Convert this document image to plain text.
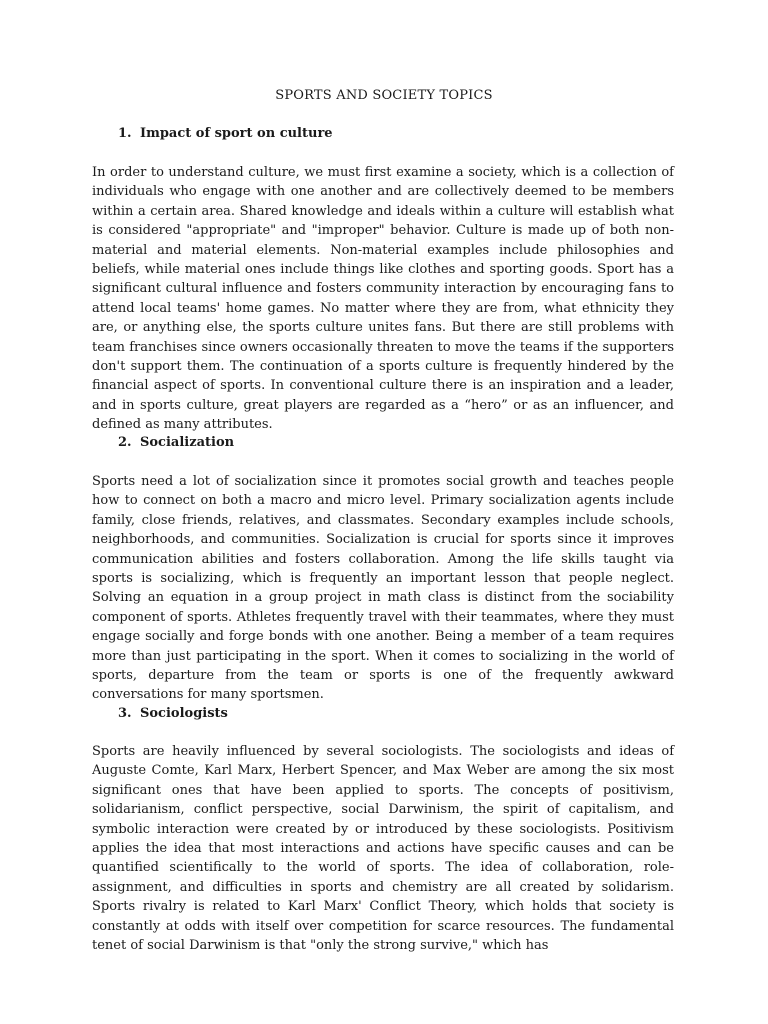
SPORTS AND SOCIETY TOPICS
1. Impact of sport on culture

In order to understand culture, we must first examine a society, which is a collection of individuals who engage with one another and are collectively deemed to be members within a certain area. Shared knowledge and ideals within a culture will establish what is considered "appropriate" and "improper" behavior. Culture is made up of both non-material and material elements. Non-material examples include philosophies and beliefs, while material ones include things like clothes and sporting goods. Sport has a significant cultural influence and fosters community interaction by encouraging fans to attend local teams' home games. No matter where they are from, what ethnicity they are, or anything else, the sports culture unites fans. But there are still problems with team franchises since owners occasionally threaten to move the teams if the supporters don't support them. The continuation of a sports culture is frequently hindered by the financial aspect of sports. In conventional culture there is an inspiration and a leader, and in sports culture, great players are regarded as a “hero” or as an influencer, and defined as many attributes.

2. Socialization

Sports need a lot of socialization since it promotes social growth and teaches people how to connect on both a macro and micro level. Primary socialization agents include family, close friends, relatives, and classmates. Secondary examples include schools, neighborhoods, and communities. Socialization is crucial for sports since it improves communication abilities and fosters collaboration. Among the life skills taught via sports is socializing, which is frequently an important lesson that people neglect. Solving an equation in a group project in math class is distinct from the sociability component of sports. Athletes frequently travel with their teammates, where they must engage socially and forge bonds with one another. Being a member of a team requires more than just participating in the sport. When it comes to socializing in the world of sports, departure from the team or sports is one of the frequently awkward conversations for many sportsmen.

3. Sociologists

Sports are heavily influenced by several sociologists. The sociologists and ideas of Auguste Comte, Karl Marx, Herbert Spencer, and Max Weber are among the six most significant ones that have been applied to sports. The concepts of positivism, solidarianism, conflict perspective, social Darwinism, the spirit of capitalism, and symbolic interaction were created by or introduced by these sociologists. Positivism applies the idea that most interactions and actions have specific causes and can be quantified scientifically to the world of sports. The idea of collaboration, role-assignment, and difficulties in sports and chemistry are all created by solidarism. Sports rivalry is related to Karl Marx' Conflict Theory, which holds that society is constantly at odds with itself over competition for scarce resources. The fundamental tenet of social Darwinism is that "only the strong survive," which has
